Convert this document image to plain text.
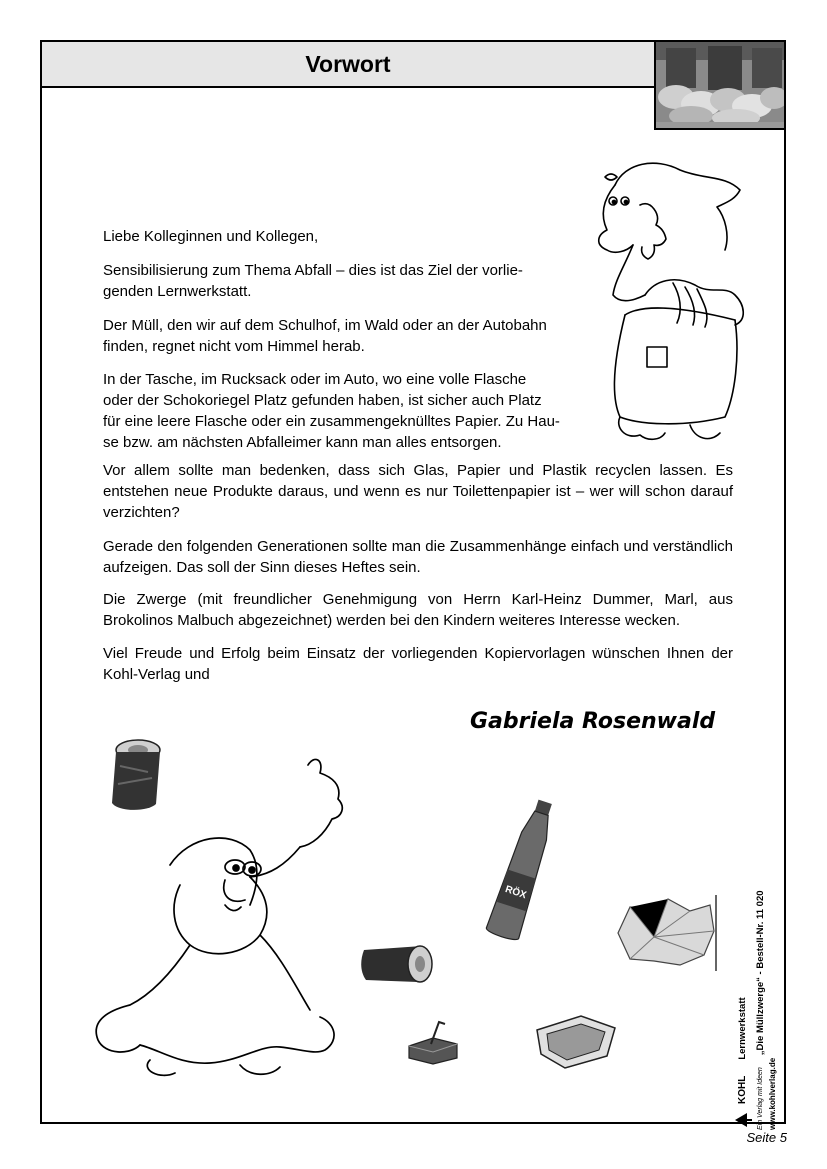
Vorwort

Liebe Kolleginnen und Kollegen,

Sensibilisierung zum Thema Abfall – dies ist das Ziel der vorlie-
genden Lernwerkstatt.
Der Müll, den wir auf dem Schulhof, im Wald oder an der Autobahn
finden, regnet nicht vom Himmel herab.
In der Tasche, im Rucksack oder im Auto, wo eine volle Flasche
oder der Schokoriegel Platz gefunden haben, ist sicher auch Platz
für eine leere Flasche oder ein zusammengeknülltes Papier. Zu Hau-
se bzw. am nächsten Abfalleimer kann man alles entsorgen.

Vor allem sollte man bedenken, dass sich Glas, Papier und Plastik recyclen lassen. Es entstehen neue Produkte daraus, und wenn es nur Toilettenpapier ist – wer will schon darauf verzichten?

Gerade den folgenden Generationen sollte man die Zusammenhänge einfach und verständlich aufzeigen. Das soll der Sinn dieses Heftes sein.

Die Zwerge (mit freundlicher Genehmigung von Herrn Karl-Heinz Dummer, Marl, aus Brokolinos Malbuch abgezeichnet) werden bei den Kindern weiteres Interesse wecken.

Viel Freude und Erfolg beim Einsatz der vorliegenden Kopiervorlagen wünschen Ihnen der Kohl-Verlag und

Gabriela Rosenwald
RÖX
KOHL
Lernwerkstatt
Ein Verlag mit Ideen
„Die Müllzwerge“ - Bestell-Nr. 11 020
www.kohlverlag.de
Seite 5
